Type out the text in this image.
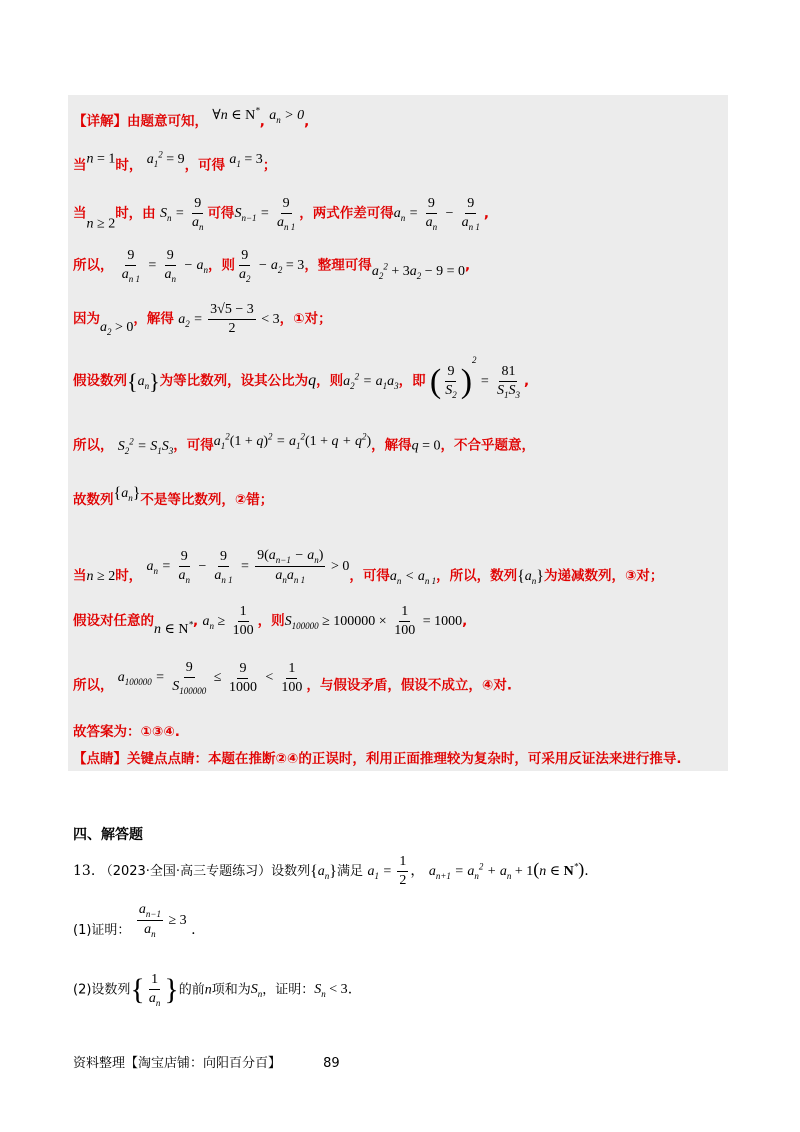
【详解】由题意可知， ∀n ∈ N*, $a_n > 0$,
当n = 1时， $a_1^2 = 9$，可得 $a_1 = 3$；
当n ≥ 2时，由 $S_n = \frac{9}{a_n}$ 可得$S_{n-1} = \frac{9}{a_{n 1}}$ ，两式作差可得$a_n = \frac{9}{a_n} - \frac{9}{a_{n 1}}$ ,
所以， $\frac{9}{a_{n 1}} = \frac{9}{a_n} - a_n$，则 $\frac{9}{a_2} - a_2 = 3$，整理可得$a_2^2 + 3a_2 - 9 = 0$,
因为$a_2 > 0$，解得 $a_2 = \frac{3√5 - 3}{2} < 3$，①对；
假设数列$\{a_n\}$为等比数列，设其公比为q，则$a_2^2 = a_1a_3$，即 ( $\frac{9}{S_2} )^2 = \frac{81}{S_1S_3}$ ,
所以， $S_2^2 = S_1S_3$，可得$a_1^2(1 + q)^2 = a_1^2(1 + q + q^2)$，解得q = 0，不合乎题意，
故数列$\{a_n\}$不是等比数列，②错；
当n ≥ 2时， $a_n = \frac{9}{a_n} - \frac{9}{a_{n 1}} = \frac{9(a_{n-1} - a_n)}{a_na_{n 1}} > 0$，可得$a_n < a_{n 1}$，所以，数列$\{a_n\}$为递减数列，③对；
假设对任意的n ∈ N*, $a_n \ge \frac{1}{100}$ ，则$S_{100000} \ge 100000 \times \frac{1}{100} = 1000$,
所以， $a_{100000} = \frac{9}{S_{100000}} \le \frac{9}{1000} < \frac{1}{100}$ ，与假设矛盾，假设不成立，④对.
故答案为：①③④.
【点睛】关键点点睛：本题在推断②④的正误时，利用正面推理较为复杂时，可采用反证法来进行推导.
四、解答题
13. （2023·全国·高三专题练习）设数列$\{a_n\}$满足 $a_1 = \frac{1}{2}$ ， $a_{n+1} = a_n^2 + a_n + 1(n$ ∈ N*).
(1)证明： $\frac{a_{n-1}}{a_n} \ge 3$ .
(2)设数列{ $\frac{1}{a_n}$ }的前n项和为$S_n$，证明：$S_n < 3$.
资料整理【淘宝店铺：向阳百分百】	89
